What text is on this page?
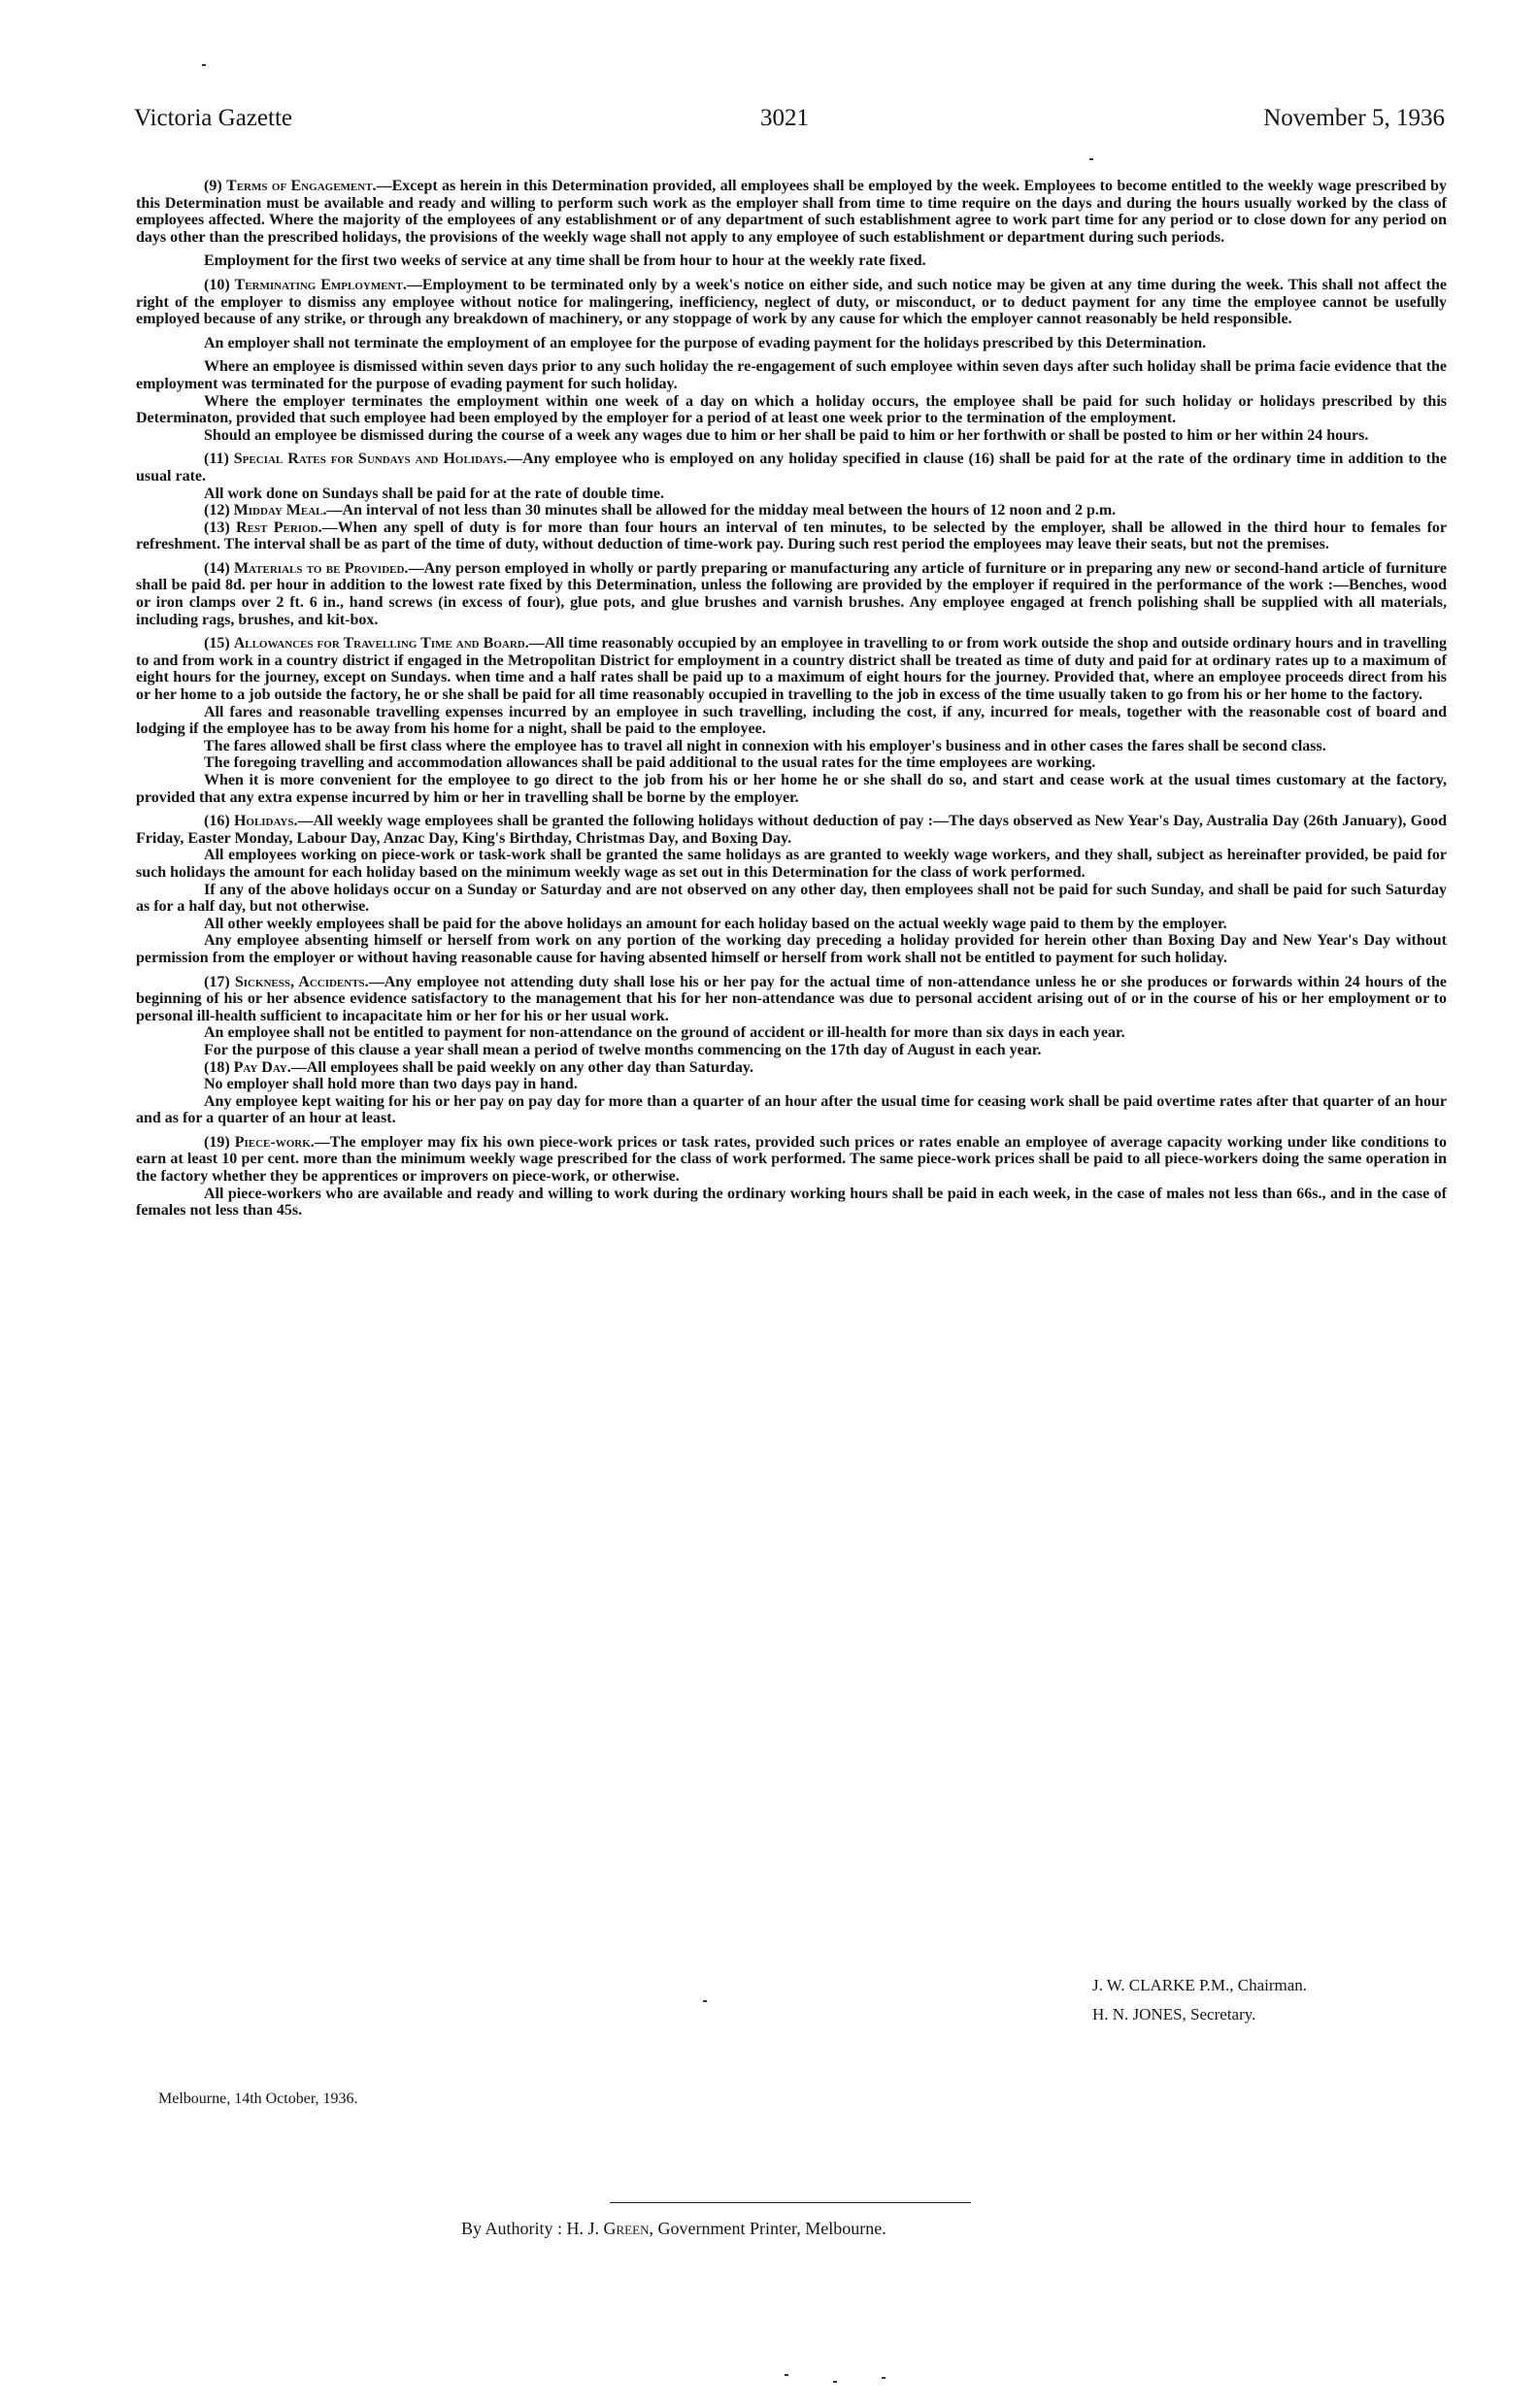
Victoria Gazette	3021	November 5, 1936

(9) Terms of Engagement.—Except as herein in this Determination provided, all employees shall be employed by the week. Employees to become entitled to the weekly wage prescribed by this Determination must be available and ready and willing to perform such work as the employer shall from time to time require on the days and during the hours usually worked by the class of employees affected. Where the majority of the employees of any establishment or of any department of such establishment agree to work part time for any period or to close down for any period on days other than the prescribed holidays, the provisions of the weekly wage shall not apply to any employee of such establishment or department during such periods.

Employment for the first two weeks of service at any time shall be from hour to hour at the weekly rate fixed.

(10) Terminating Employment.—Employment to be terminated only by a week's notice on either side, and such notice may be given at any time during the week. This shall not affect the right of the employer to dismiss any employee without notice for malingering, inefficiency, neglect of duty, or misconduct, or to deduct payment for any time the employee cannot be usefully employed because of any strike, or through any breakdown of machinery, or any stoppage of work by any cause for which the employer cannot reasonably be held responsible.

An employer shall not terminate the employment of an employee for the purpose of evading payment for the holidays prescribed by this Determination.

Where an employee is dismissed within seven days prior to any such holiday the re-engagement of such employee within seven days after such holiday shall be prima facie evidence that the employment was terminated for the purpose of evading payment for such holiday.

Where the employer terminates the employment within one week of a day on which a holiday occurs, the employee shall be paid for such holiday or holidays prescribed by this Determinaton, provided that such employee had been employed by the employer for a period of at least one week prior to the termination of the employment.

Should an employee be dismissed during the course of a week any wages due to him or her shall be paid to him or her forthwith or shall be posted to him or her within 24 hours.

(11) Special Rates for Sundays and Holidays.—Any employee who is employed on any holiday specified in clause (16) shall be paid for at the rate of the ordinary time in addition to the usual rate.

All work done on Sundays shall be paid for at the rate of double time.

(12) Midday Meal.—An interval of not less than 30 minutes shall be allowed for the midday meal between the hours of 12 noon and 2 p.m.

(13) Rest Period.—When any spell of duty is for more than four hours an interval of ten minutes, to be selected by the employer, shall be allowed in the third hour to females for refreshment. The interval shall be as part of the time of duty, without deduction of time-work pay. During such rest period the employees may leave their seats, but not the premises.

(14) Materials to be Provided.—Any person employed in wholly or partly preparing or manufacturing any article of furniture or in preparing any new or second-hand article of furniture shall be paid 8d. per hour in addition to the lowest rate fixed by this Determination, unless the following are provided by the employer if required in the performance of the work :—Benches, wood or iron clamps over 2 ft. 6 in., hand screws (in excess of four), glue pots, and glue brushes and varnish brushes. Any employee engaged at french polishing shall be supplied with all materials, including rags, brushes, and kit-box.

(15) Allowances for Travelling Time and Board.—All time reasonably occupied by an employee in travelling to or from work outside the shop and outside ordinary hours and in travelling to and from work in a country district if engaged in the Metropolitan District for employment in a country district shall be treated as time of duty and paid for at ordinary rates up to a maximum of eight hours for the journey, except on Sundays. when time and a half rates shall be paid up to a maximum of eight hours for the journey. Provided that, where an employee proceeds direct from his or her home to a job outside the factory, he or she shall be paid for all time reasonably occupied in travelling to the job in excess of the time usually taken to go from his or her home to the factory.

All fares and reasonable travelling expenses incurred by an employee in such travelling, including the cost, if any, incurred for meals, together with the reasonable cost of board and lodging if the employee has to be away from his home for a night, shall be paid to the employee.

The fares allowed shall be first class where the employee has to travel all night in connexion with his employer's business and in other cases the fares shall be second class.

The foregoing travelling and accommodation allowances shall be paid additional to the usual rates for the time employees are working.

When it is more convenient for the employee to go direct to the job from his or her home he or she shall do so, and start and cease work at the usual times customary at the factory, provided that any extra expense incurred by him or her in travelling shall be borne by the employer.

(16) Holidays.—All weekly wage employees shall be granted the following holidays without deduction of pay :—The days observed as New Year's Day, Australia Day (26th January), Good Friday, Easter Monday, Labour Day, Anzac Day, King's Birthday, Christmas Day, and Boxing Day.

All employees working on piece-work or task-work shall be granted the same holidays as are granted to weekly wage workers, and they shall, subject as hereinafter provided, be paid for such holidays the amount for each holiday based on the minimum weekly wage as set out in this Determination for the class of work performed.

If any of the above holidays occur on a Sunday or Saturday and are not observed on any other day, then employees shall not be paid for such Sunday, and shall be paid for such Saturday as for a half day, but not otherwise.

All other weekly employees shall be paid for the above holidays an amount for each holiday based on the actual weekly wage paid to them by the employer.

Any employee absenting himself or herself from work on any portion of the working day preceding a holiday provided for herein other than Boxing Day and New Year's Day without permission from the employer or without having reasonable cause for having absented himself or herself from work shall not be entitled to payment for such holiday.

(17) Sickness, Accidents.—Any employee not attending duty shall lose his or her pay for the actual time of non-attendance unless he or she produces or forwards within 24 hours of the beginning of his or her absence evidence satisfactory to the management that his for her non-attendance was due to personal accident arising out of or in the course of his or her employment or to personal ill-health sufficient to incapacitate him or her for his or her usual work.

An employee shall not be entitled to payment for non-attendance on the ground of accident or ill-health for more than six days in each year.

For the purpose of this clause a year shall mean a period of twelve months commencing on the 17th day of August in each year.

(18) Pay Day.—All employees shall be paid weekly on any other day than Saturday.

No employer shall hold more than two days pay in hand.

Any employee kept waiting for his or her pay on pay day for more than a quarter of an hour after the usual time for ceasing work shall be paid overtime rates after that quarter of an hour and as for a quarter of an hour at least.

(19) Piece-work.—The employer may fix his own piece-work prices or task rates, provided such prices or rates enable an employee of average capacity working under like conditions to earn at least 10 per cent. more than the minimum weekly wage prescribed for the class of work performed. The same piece-work prices shall be paid to all piece-workers doing the same operation in the factory whether they be apprentices or improvers on piece-work, or otherwise.

All piece-workers who are available and ready and willing to work during the ordinary working hours shall be paid in each week, in the case of males not less than 66s., and in the case of females not less than 45s.

J. W. CLARKE P.M., Chairman.
H. N. JONES, Secretary.
Melbourne, 14th October, 1936.
By Authority : H. J. Green, Government Printer, Melbourne.
